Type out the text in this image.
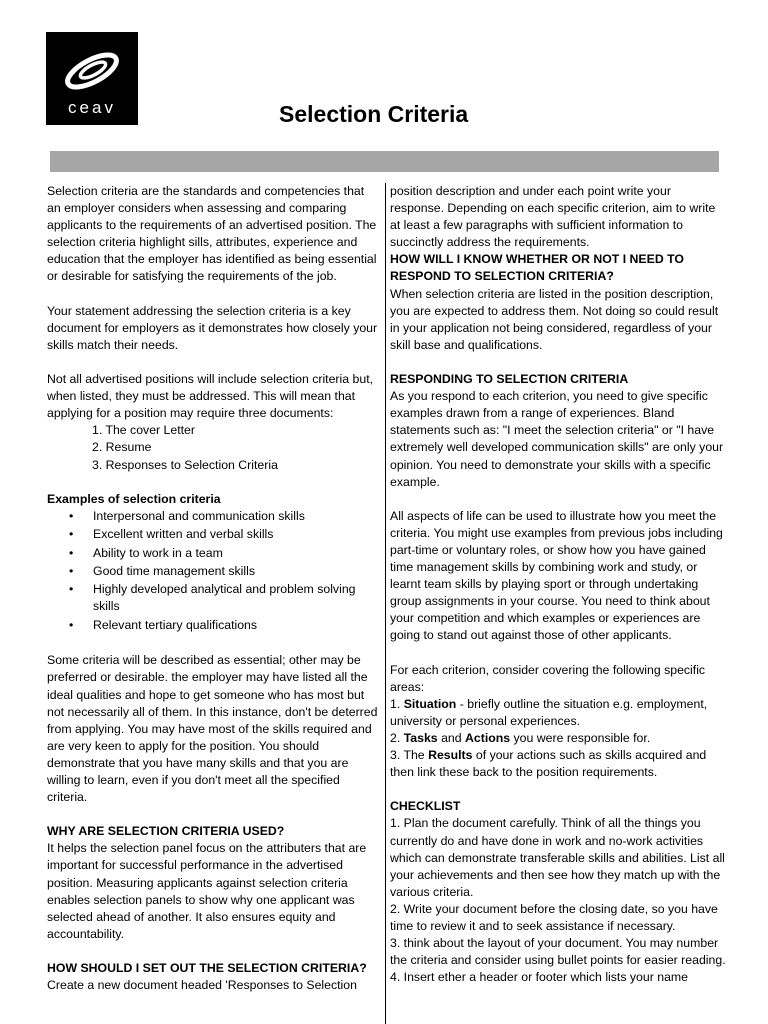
ceav	Selection Criteria

Selection criteria are the standards and competencies that an employer considers when assessing and comparing applicants to the requirements of an advertised position. The selection criteria highlight sills, attributes, experience and education that the employer has identified as being essential or desirable for satisfying the requirements of the job.

Your statement addressing the selection criteria is a key document for employers as it demonstrates how closely your skills match their needs.

Not all advertised positions will include selection criteria but, when listed, they must be addressed. This will mean that applying for a position may require three documents:

1. The cover Letter

2. Resume

3. Responses to Selection Criteria

Examples of selection criteria

• Interpersonal and communication skills
• Excellent written and verbal skills
• Ability to work in a team
• Good time management skills
• Highly developed analytical and problem solving skills
• Relevant tertiary qualifications

Some criteria will be described as essential; other may be preferred or desirable. the employer may have listed all the ideal qualities and hope to get someone who has most but not necessarily all of them. In this instance, don't be deterred from applying. You may have most of the skills required and are very keen to apply for the position. You should demonstrate that you have many skills and that you are willing to learn, even if you don't meet all the specified criteria.

WHY ARE SELECTION CRITERIA USED?

It helps the selection panel focus on the attributers that are important for successful performance in the advertised position. Measuring applicants against selection criteria enables selection panels to show why one applicant was selected ahead of another. It also ensures equity and accountability.

HOW SHOULD I SET OUT THE SELECTION CRITERIA?

Create a new document headed 'Responses to Selection

position description and under each point write your response. Depending on each specific criterion, aim to write at least a few paragraphs with sufficient information to succinctly address the requirements.

HOW WILL I KNOW WHETHER OR NOT I NEED TO RESPOND TO SELECTION CRITERIA?

When selection criteria are listed in the position description, you are expected to address them. Not doing so could result in your application not being considered, regardless of your skill base and qualifications.

RESPONDING TO SELECTION CRITERIA

As you respond to each criterion, you need to give specific examples drawn from a range of experiences. Bland statements such as: "I meet the selection criteria" or "I have extremely well developed communication skills" are only your opinion. You need to demonstrate your skills with a specific example.

All aspects of life can be used to illustrate how you meet the criteria. You might use examples from previous jobs including part-time or voluntary roles, or show how you have gained time management skills by combining work and study, or learnt team skills by playing sport or through undertaking group assignments in your course. You need to think about your competition and which examples or experiences are going to stand out against those of other applicants.

For each criterion, consider covering the following specific areas:

1. Situation - briefly outline the situation e.g. employment, university or personal experiences.

2. Tasks and Actions you were responsible for.

3. The Results of your actions such as skills acquired and then link these back to the position requirements.

CHECKLIST

1. Plan the document carefully. Think of all the things you currently do and have done in work and no-work activities which can demonstrate transferable skills and abilities. List all your achievements and then see how they match up with the various criteria.

2. Write your document before the closing date, so you have time to review it and to seek assistance if necessary.

3. think about the layout of your document. You may number the criteria and consider using bullet points for easier reading.

4. Insert ether a header or footer which lists your name
